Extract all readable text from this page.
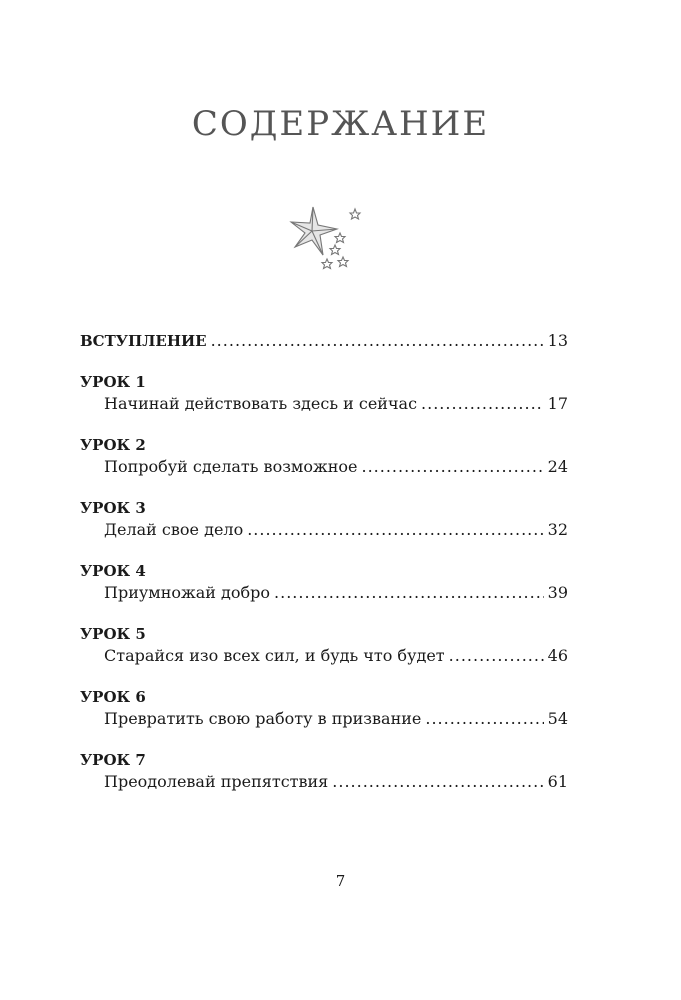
СОДЕРЖАНИЕ
ВСТУПЛЕНИЕ .....	13
УРОК 1
Начинай действовать здесь и сейчас .....	17
УРОК 2
Попробуй сделать возможное .....	24
УРОК 3
Делай свое дело .....	32
УРОК 4
Приумножай добро .....	39
УРОК 5
Старайся изо всех сил, и будь что будет .....	46
УРОК 6
Превратить свою работу в призвание .....	54
УРОК 7
Преодолевай препятствия .....	61
7
